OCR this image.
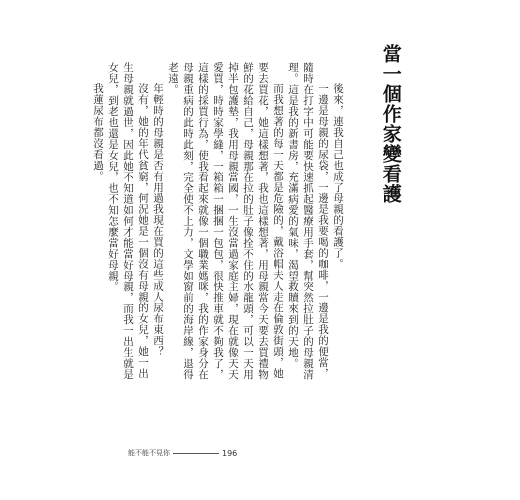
當一個作家變看護

後來，連我自己也成了母親的看護了。

一邊是母親的尿袋，一邊是我要喝的咖啡，一邊是我的便當，隨時在打字中可能要快速抓起醫療用手套，幫突然拉肚子的母親清理。這是我的新書房，充滿病愛的氣味，渴望救贖來到的天地。

而我想著的每一天都是危險的，戴浴帽夫人走在倫敦街頭，她要去買花，她這樣想著，我也這樣想著，用母親當今天要去買禮物鮮的花給自己，母親那在拉的肚子像拴不住的水龍頭，可以一天用掉半包護墊，我用母親當國，一生沒當過家庭主婦，現在就像天天愛買，時時家學縫，一箱箱一捆捆一包包，很快推車就不夠我了，這樣的採買行為，使我看起來就像一個職業媽咪，我的作家身分在母親重病的此時此刻，完全使不上力，文學如窗前的海岸線，退得老遠。

年輕時的母親是否有用過我現在買的這些成人尿布東西？

沒有，她的年代貧窮，何況她是一個沒有母親的女兒，她一出生母親就過世，因此她不知道如何才能當好母親，而我一出生就是女兒，到老也還是女兒，也不知怎麼當好母親。

我蓮尿布都沒看過。

能不能不見你	196
